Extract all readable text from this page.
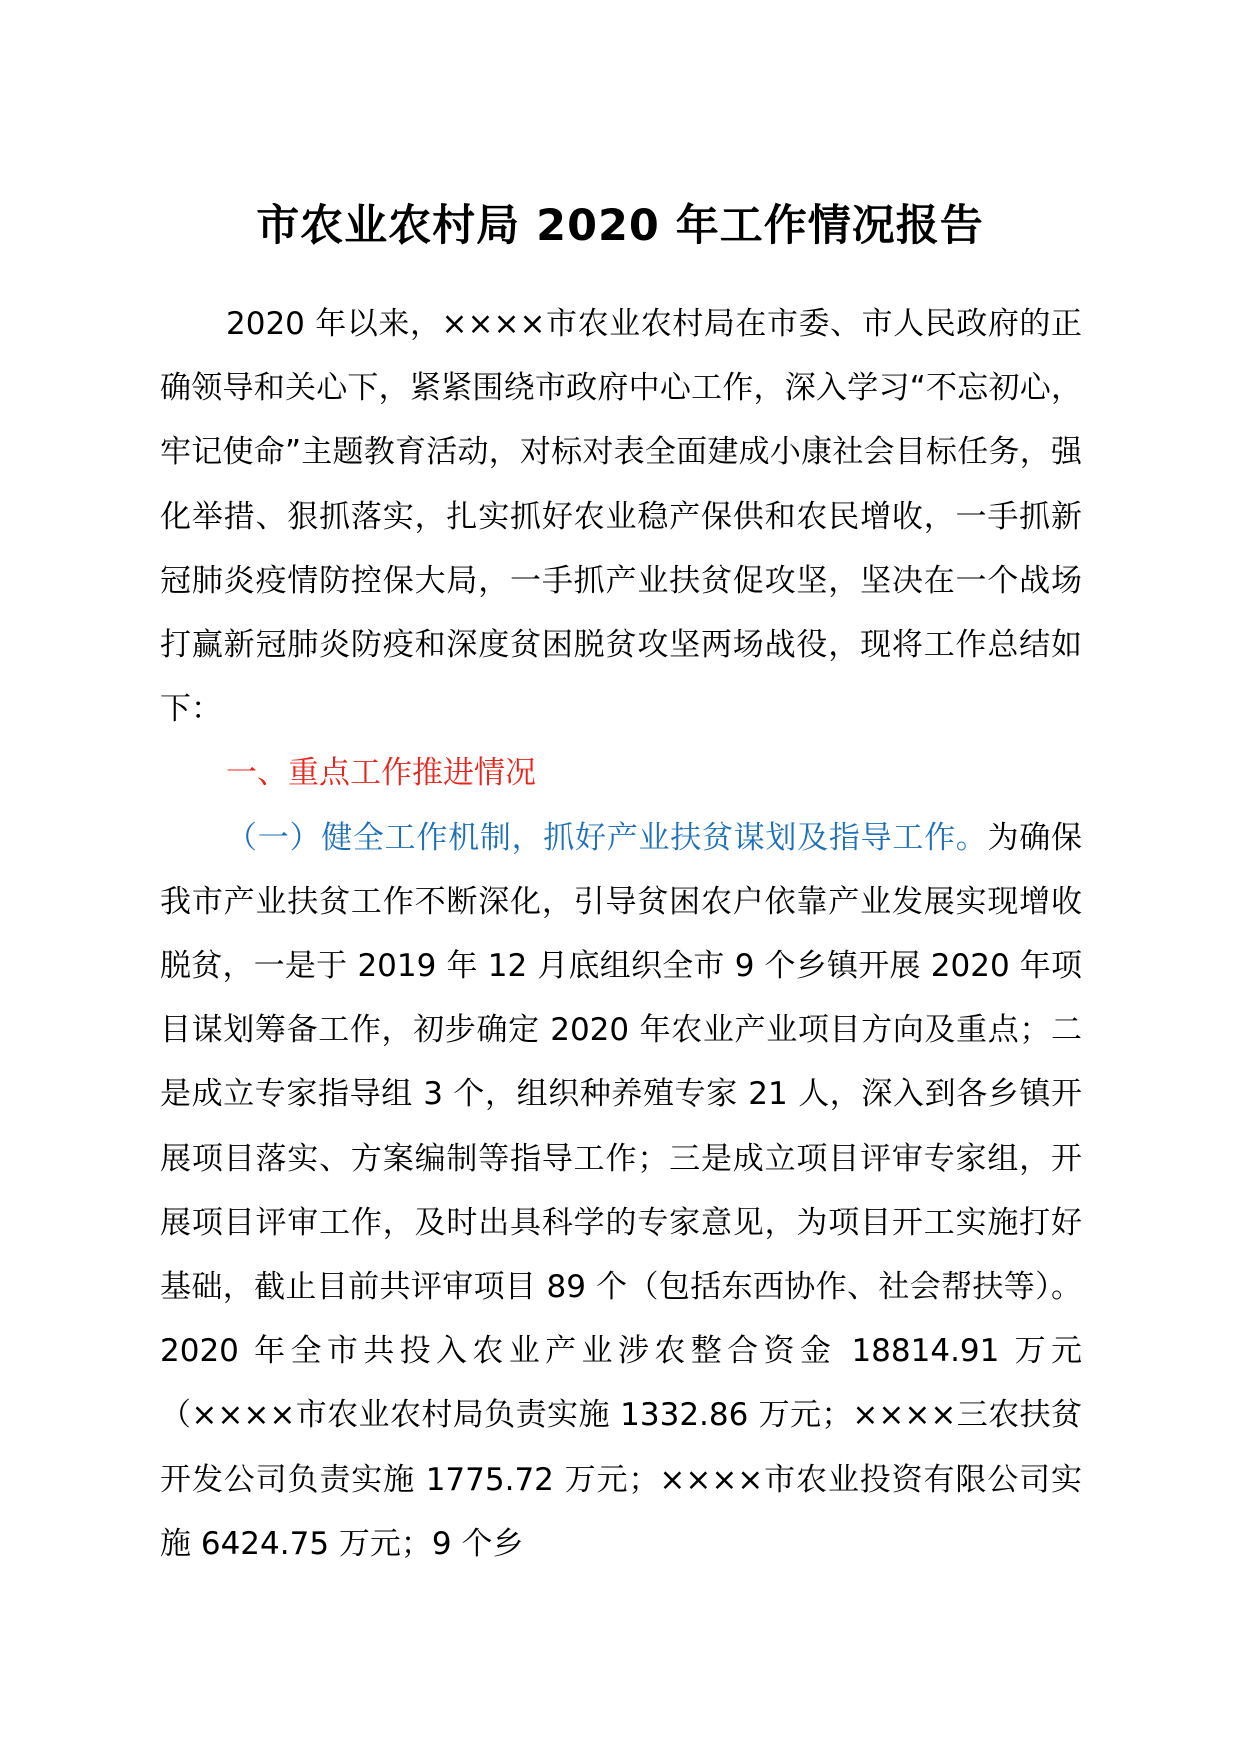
市农业农村局 2020 年工作情况报告

2020 年以来，××××市农业农村局在市委、市人民政府的正确领导和关心下，紧紧围绕市政府中心工作，深入学习“不忘初心，牢记使命”主题教育活动，对标对表全面建成小康社会目标任务，强化举措、狠抓落实，扎实抓好农业稳产保供和农民增收，一手抓新冠肺炎疫情防控保大局，一手抓产业扶贫促攻坚，坚决在一个战场打赢新冠肺炎防疫和深度贫困脱贫攻坚两场战役，现将工作总结如下：

一、重点工作推进情况

（一）健全工作机制，抓好产业扶贫谋划及指导工作。为确保我市产业扶贫工作不断深化，引导贫困农户依靠产业发展实现增收脱贫，一是于 2019 年 12 月底组织全市 9 个乡镇开展 2020 年项目谋划筹备工作，初步确定 2020 年农业产业项目方向及重点；二是成立专家指导组 3 个，组织种养殖专家 21 人，深入到各乡镇开展项目落实、方案编制等指导工作；三是成立项目评审专家组，开展项目评审工作，及时出具科学的专家意见，为项目开工实施打好基础，截止目前共评审项目 89 个（包括东西协作、社会帮扶等）。2020 年全市共投入农业产业涉农整合资金 18814.91 万元（××××市农业农村局负责实施 1332.86 万元；××××三农扶贫开发公司负责实施 1775.72 万元；××××市农业投资有限公司实施 6424.75 万元；9 个乡
